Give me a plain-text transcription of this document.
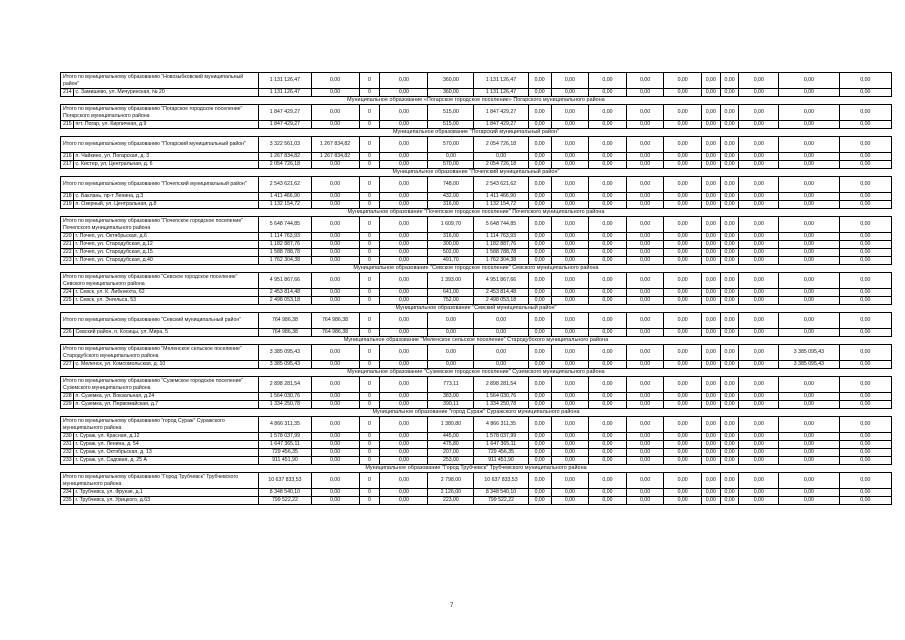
Итого по муниципальному образованию "Новозыбковский муниципальный район"		1 131 126,47	0,00	0	0,00	360,00	1 131 126,47	0,00	0,00	0,00	0,00	0,00	0,00	0,00	0,00	0,00	0,00
214	с. Замишево, ул. Мичуринская, № 20	1 131 126,47	0,00	0	0,00	360,00	1 131 126,47	0,00	0,00	0,00	0,00	0,00	0,00	0,00	0,00	0,00	0,00
Муниципальное образование «Погарское городское поселение» Погарского муниципального района																	
Итого по муниципальному образованию "Погарское городское поселение" Погарского муниципального района		1 847 429,27	0,00	0	0,00	515,00	1 847 429,27	0,00	0,00	0,00	0,00	0,00	0,00	0,00	0,00	0,00	0,00
215	пгт. Погар, ул. Кирпичная, д.9	1 847 429,27	0,00	0	0,00	515,00	1 847 429,27	0,00	0,00	0,00	0,00	0,00	0,00	0,00	0,00	0,00	0,00
Муниципальное образование "Погарский муниципальный район"																	
Итого по муниципальному образованию "Погарский муниципальный район"		3 322 561,03	1 267 834,82	0	0,00	570,00	2 054 726,18	0,00	0,00	0,00	0,00	0,00	0,00	0,00	0,00	0,00	0,00
216	п. Чайкино, ул. Погарская, д. 3	1 267 834,82	1 267 834,82	0	0,00	0,00	0,00	0,00	0,00	0,00	0,00	0,00	0,00	0,00	0,00	0,00	0,00
217	с. Кистер, ул. Центральная, д. 6	2 054 726,18	0,00	0	0,00	570,00	2 054 726,18	0,00	0,00	0,00	0,00	0,00	0,00	0,00	0,00	0,00	0,00
Муниципальное образование "Почепский муниципальный район"																	
Итого по муниципальному образованию "Почепский муниципальный район"		2 543 621,62	0,00	0	0,00	748,00	2 543 621,62	0,00	0,00	0,00	0,00	0,00	0,00	0,00	0,00	0,00	0,00
218	с. Баклань, пр-т Ленина, д.3	1 411 466,90	0,00	0	0,00	432,00	1 411 466,90	0,00	0,00	0,00	0,00	0,00	0,00	0,00	0,00	0,00	0,00
219	п. Озерный, ул. Центральная, д.8	1 132 154,72	0,00	0	0,00	316,00	1 132 154,72	0,00	0,00	0,00	0,00	0,00	0,00	0,00	0,00	0,00	0,00
Муниципальное образование "Почепское городское поселение" Почепского муниципального района																	
Итого по муниципальному образованию "Почепское городское поселение" Почепского муниципального района		5 648 744,85	0,00	0	0,00	1 609,70	5 648 744,85	0,00	0,00	0,00	0,00	0,00	0,00	0,00	0,00	0,00	0,00
220	г. Почеп, ул. Октябрьская, д.6	1 114 763,93	0,00	0	0,00	316,00	1 114 763,93	0,00	0,00	0,00	0,00	0,00	0,00	0,00	0,00	0,00	0,00
221	г. Почеп, ул. Стародубская, д.12	1 182 887,76	0,00	0	0,00	300,00	1 182 887,76	0,00	0,00	0,00	0,00	0,00	0,00	0,00	0,00	0,00	0,00
222	г. Почеп, ул. Стародубская, д.15	1 588 788,78	0,00	0	0,00	502,00	1 588 788,78	0,00	0,00	0,00	0,00	0,00	0,00	0,00	0,00	0,00	0,00
223	г. Почеп, ул. Стародубская, д.40	1 762 304,38	0,00	0	0,00	491,70	1 762 304,38	0,00	0,00	0,00	0,00	0,00	0,00	0,00	0,00	0,00	0,00
Муниципальное образование "Севское городское поселение" Севского муниципального района																	
Итого по муниципальному образованию "Севское городское поселение" Севского муниципального района		4 951 867,66	0,00	0	0,00	1 393,00	4 951 867,66	0,00	0,00	0,00	0,00	0,00	0,00	0,00	0,00	0,00	0,00
224	г. Севск, ул. К. Либкнехта, 62	2 453 814,48	0,00	0	0,00	641,00	2 453 814,48	0,00	0,00	0,00	0,00	0,00	0,00	0,00	0,00	0,00	0,00
225	г. Севск, ул. Энгельса, 53	2 498 053,18	0,00	0	0,00	752,00	2 498 053,18	0,00	0,00	0,00	0,00	0,00	0,00	0,00	0,00	0,00	0,00
Муниципальное образование "Севский муниципальный район"																	
Итого по муниципальному образованию "Севский муниципальный район"		764 986,38	764 986,38	0	0,00	0,00	0,00	0,00	0,00	0,00	0,00	0,00	0,00	0,00	0,00	0,00	0,00
226	Севский район, п. Косицы, ул. Мира, 5	764 986,38	764 986,38	0	0,00	0,00	0,00	0,00	0,00	0,00	0,00	0,00	0,00	0,00	0,00	0,00	0,00
Муниципальное образование "Меленское сельское поселение" Стародубского муниципального района																	
Итого по муниципальному образованию "Меленское сельское поселение" Стародубского муниципального района		3 385 095,43	0,00	0	0,00	0,00	0,00	0,00	0,00	0,00	0,00	0,00	0,00	0,00	0,00	3 385 095,43	0,00
227	с. Меленск, ул. Комсомольская, д. 10	3 385 095,43	0,00	0	0,00	0,00	0,00	0,00	0,00	0,00	0,00	0,00	0,00	0,00	0,00	3 385 095,43	0,00
Муниципальное образование "Суземское городское поселение" Суземского муниципального района																	
Итого по муниципальному образованию "Суземское городское поселение" Суземского муниципального района		2 898 281,54	0,00	0	0,00	773,11	2 898 281,54	0,00	0,00	0,00	0,00	0,00	0,00	0,00	0,00	0,00	0,00
228	п. Суземка, ул. Вокзальная, д.24	1 564 030,76	0,00	0	0,00	383,00	1 564 030,76	0,00	0,00	0,00	0,00	0,00	0,00	0,00	0,00	0,00	0,00
229	п. Суземка, ул. Первомайская, д.7	1 334 250,78	0,00	0	0,00	390,11	1 334 250,78	0,00	0,00	0,00	0,00	0,00	0,00	0,00	0,00	0,00	0,00
Муниципальное образование "город Сураж" Суражского муниципального района																	
Итого по муниципальному образованию "город Сураж" Суражского муниципального района		4 866 311,35	0,00	0	0,00	1 380,80	4 866 311,35	0,00	0,00	0,00	0,00	0,00	0,00	0,00	0,00	0,00	0,00
230	г. Сураж, ул. Красная, д.12	1 578 037,99	0,00	0	0,00	445,00	1 578 037,99	0,00	0,00	0,00	0,00	0,00	0,00	0,00	0,00	0,00	0,00
231	г. Сураж, ул. Ленина, д. 54	1 647 365,11	0,00	0	0,00	475,80	1 647 365,11	0,00	0,00	0,00	0,00	0,00	0,00	0,00	0,00	0,00	0,00
232	г. Сураж, ул. Октябрьская, д. 13	729 456,35	0,00	0	0,00	207,00	729 456,35	0,00	0,00	0,00	0,00	0,00	0,00	0,00	0,00	0,00	0,00
233	г. Сураж, ул. Садовая, д. 25 А	911 451,90	0,00	0	0,00	253,00	911 451,90	0,00	0,00	0,00	0,00	0,00	0,00	0,00	0,00	0,00	0,00
Муниципальное образование "Город Трубчевск" Трубчевского муниципального района																	
Итого по муниципальному образованию "Город Трубчевск" Трубчевского муниципального района		10 637 833,53	0,00	0	0,00	2 798,00	10 637 833,53	0,00	0,00	0,00	0,00	0,00	0,00	0,00	0,00	0,00	0,00
234	г. Трубчевск, ул. Фрунзе, д.1	8 348 540,10	0,00	0	0,00	2 126,00	8 348 540,10	0,00	0,00	0,00	0,00	0,00	0,00	0,00	0,00	0,00	0,00
235	г. Трубчевск, ул. Урицкого, д.63	799 522,22	0,00	0	0,00	223,00	799 522,22	0,00	0,00	0,00	0,00	0,00	0,00	0,00	0,00	0,00	0,00
7
